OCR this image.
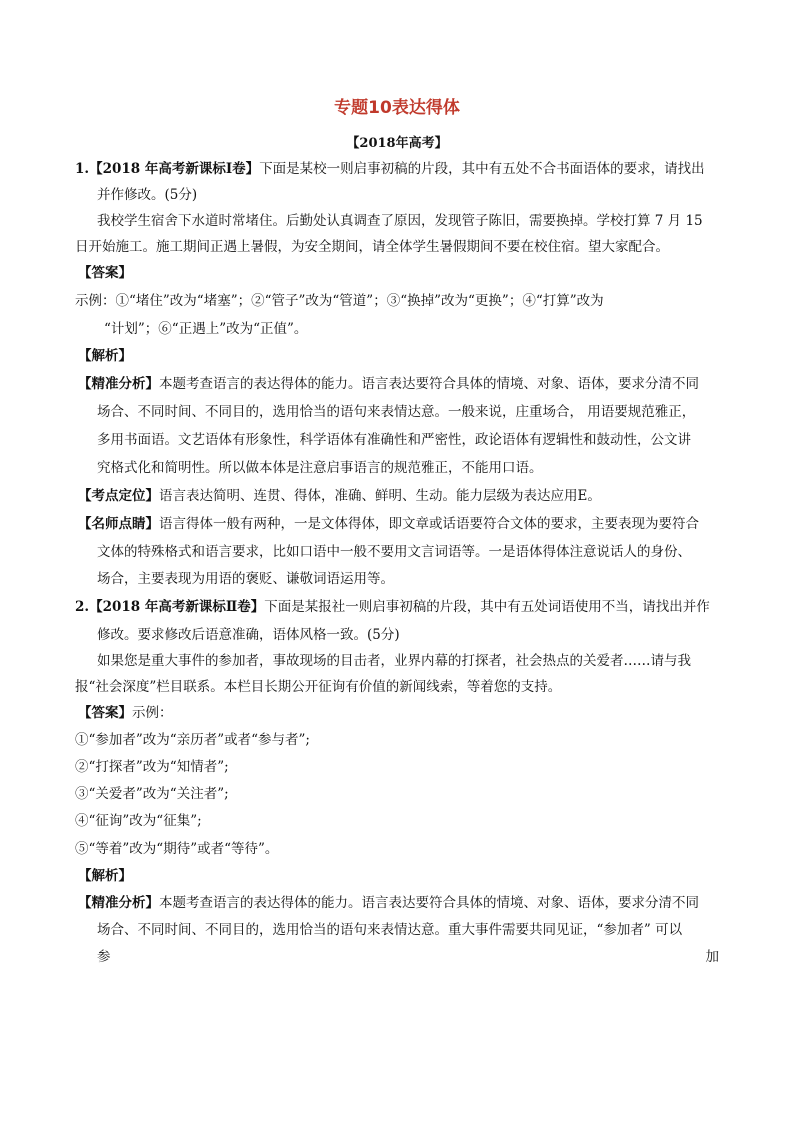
专题10表达得体
【2018年高考】
1.【2018 年高考新课标Ⅰ卷】下面是某校一则启事初稿的片段，其中有五处不合书面语体的要求，请找出
并作修改。(5分)
我校学生宿舍下水道时常堵住。后勤处认真调查了原因，发现管子陈旧，需要换掉。学校打算 7 月 15
日开始施工。施工期间正遇上暑假，为安全期间，请全体学生暑假期间不要在校住宿。望大家配合。
【答案】
示例：①“堵住”改为“堵塞”；②“管子”改为“管道”；③“换掉”改为“更换”；④“打算”改为
“计划”；⑥“正遇上”改为“正值”。
【解析】
【精准分析】本题考查语言的表达得体的能力。语言表达要符合具体的情境、对象、语体，要求分清不同
场合、不同时间、不同目的，选用恰当的语句来表情达意。一般来说，庄重场合， 用语要规范雅正，
多用书面语。文艺语体有形象性，科学语体有准确性和严密性，政论语体有逻辑性和鼓动性，公文讲
究格式化和简明性。所以做本体是注意启事语言的规范雅正，不能用口语。
【考点定位】语言表达简明、连贯、得体，准确、鲜明、生动。能力层级为表达应用E。
【名师点睛】语言得体一般有两种，一是文体得体，即文章或话语要符合文体的要求，主要表现为要符合
文体的特殊格式和语言要求，比如口语中一般不要用文言词语等。一是语体得体注意说话人的身份、
场合，主要表现为用语的褒贬、谦敬词语运用等。
2.【2018 年高考新课标Ⅱ卷】下面是某报社一则启事初稿的片段，其中有五处词语使用不当，请找出并作
修改。要求修改后语意准确，语体风格一致。(5分)
如果您是重大事件的参加者，事故现场的目击者，业界内幕的打探者，社会热点的关爱者……请与我
报“社会深度”栏目联系。本栏目长期公开征询有价值的新闻线索，等着您的支持。
【答案】示例：
①“参加者”改为“亲历者”或者“参与者”;
②“打探者”改为“知情者”;
③“关爱者”改为“关注者”;
④“征询”改为“征集”;
⑤“等着”改为“期待”或者“等待”。
【解析】
【精准分析】本题考查语言的表达得体的能力。语言表达要符合具体的情境、对象、语体，要求分清不同
场合、不同时间、不同目的，选用恰当的语句来表情达意。重大事件需要共同见证，“参加者” 可以
参	加
